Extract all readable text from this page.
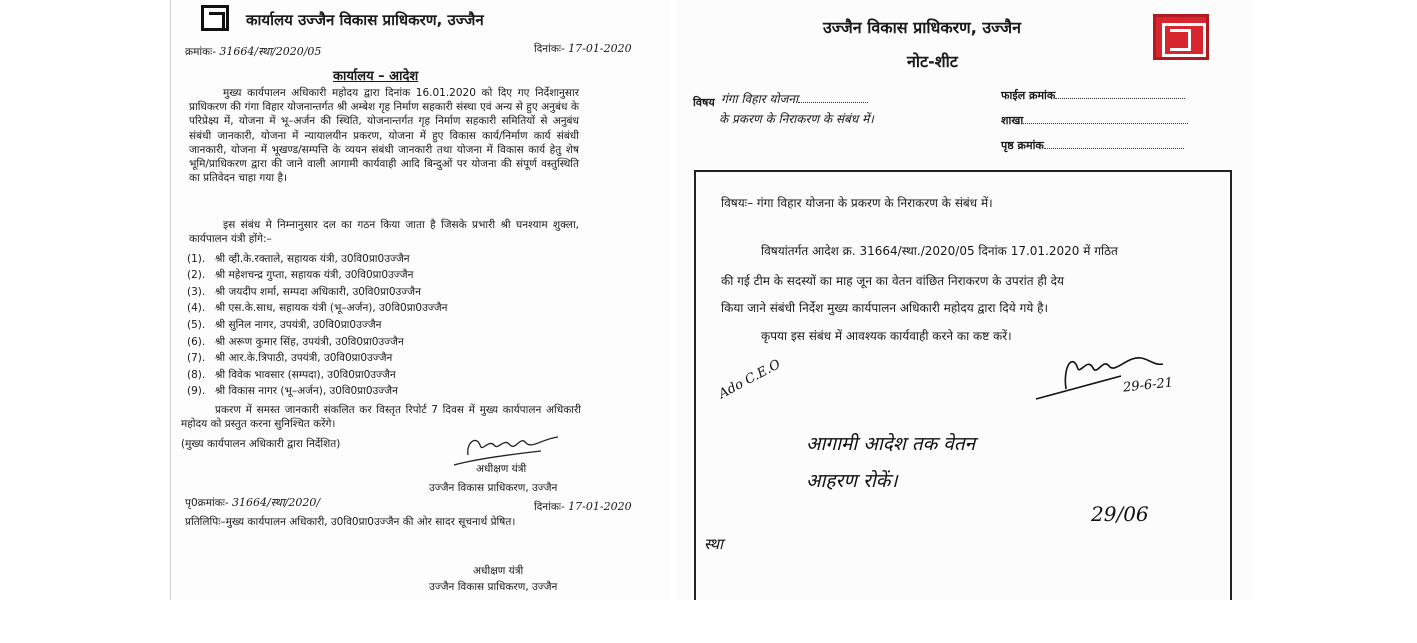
कार्यालय उज्जैन विकास प्राधिकरण, उज्जैन
क्रमांकः- 31664/स्था/2020/05	दिनांकः- 17-01-2020
कार्यालय – आदेश
मुख्य कार्यपालन अधिकारी महोदय द्वारा दिनांक 16.01.2020 को दिए गए निर्देशानुसार प्राधिकरण की गंगा विहार योजनान्तर्गत श्री अम्बेश गृह निर्माण सहकारी संस्था एवं अन्य से हुए अनुबंध के परिप्रेक्ष्य में, योजना में भू–अर्जन की स्थिति, योजनान्तर्गत गृह निर्माण सहकारी समितियों से अनुबंध संबंधी जानकारी, योजना में न्यायालयीन प्रकरण, योजना में हुए विकास कार्य/निर्माण कार्य संबंधी जानकारी, योजना में भूखण्ड/सम्पत्ति के व्ययन संबंधी जानकारी तथा योजना में विकास कार्य हेतु शेष भूमि/प्राधिकरण द्वारा की जाने वाली आगामी कार्यवाही आदि बिन्दुओं पर योजना की संपूर्ण वस्तुस्थिति का प्रतिवेदन चाहा गया है।
इस संबंध मे निम्नानुसार दल का गठन किया जाता है जिसके प्रभारी श्री घनश्याम शुक्ला, कार्यपालन यंत्री होंगे:–
(1). श्री व्ही.के.रक्ताले, सहायक यंत्री, उ0वि0प्रा0उज्जैन
(2). श्री महेशचन्द्र गुप्ता, सहायक यंत्री, उ0वि0प्रा0उज्जैन
(3). श्री जयदीप शर्मा, सम्पदा अधिकारी, उ0वि0प्रा0उज्जैन
(4). श्री एस.के.साध, सहायक यंत्री (भू–अर्जन), उ0वि0प्रा0उज्जैन
(5). श्री सुनिल नागर, उपयंत्री, उ0वि0प्रा0उज्जैन
(6). श्री अरूण कुमार सिंह, उपयंत्री, उ0वि0प्रा0उज्जैन
(7). श्री आर.के.त्रिपाठी, उपयंत्री, उ0वि0प्रा0उज्जैन
(8). श्री विवेक भावसार (सम्पदा), उ0वि0प्रा0उज्जैन
(9). श्री विकास नागर (भू–अर्जन), उ0वि0प्रा0उज्जैन
प्रकरण में समस्त जानकारी संकलित कर विस्तृत रिपोर्ट 7 दिवस में मुख्य कार्यपालन अधिकारी महोदय को प्रस्तुत करना सुनिश्चित करेंगे।
(मुख्य कार्यपालन अधिकारी द्वारा निर्देशित)
अधीक्षण यंत्री
उज्जैन विकास प्राधिकरण, उज्जैन
पृ0क्रमांकः- 31664/स्था/2020/	दिनांकः- 17-01-2020
प्रतिलिपिः–मुख्य कार्यपालन अधिकारी, उ0वि0प्रा0उज्जैन की ओर सादर सूचनार्थ प्रेषित।
अधीक्षण यंत्री
उज्जैन विकास प्राधिकरण, उज्जैन
उज्जैन विकास प्राधिकरण, उज्जैन
नोट-शीट
विषय गंगा विहार योजना
के प्रकरण के निराकरण के संबंध में।
फाईल क्रमांक
शाखा
पृष्ठ क्रमांक
विषयः– गंगा विहार योजना के प्रकरण के निराकरण के संबंध में।
विषयांतर्गत आदेश क्र. 31664/स्था./2020/05 दिनांक 17.01.2020 में गठित
की गई टीम के सदस्यों का माह जून का वेतन वांछित निराकरण के उपरांत ही देय
किया जाने संबंधी निर्देश मुख्य कार्यपालन अधिकारी महोदय द्वारा दिये गये है।
कृपया इस संबंध में आवश्यक कार्यवाही करने का कष्ट करें।
Ado C.E.O	29-6-21
आगामी आदेश तक वेतन
आहरण रोकें।
29/06
स्था
